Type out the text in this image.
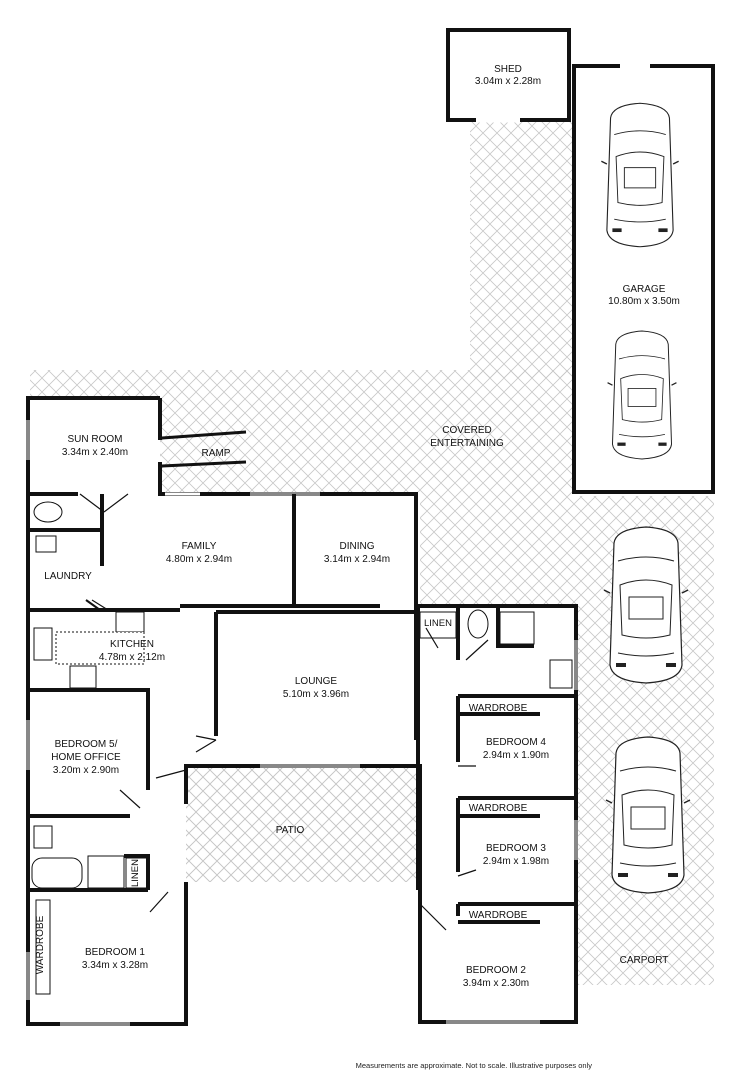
SHED
3.04m x 2.28m
GARAGE
10.80m x 3.50m
SUN ROOM
3.34m x 2.40m	RAMP
COVERED
ENTERTAINING
FAMILY
4.80m x 2.94m
DINING
3.14m x 2.94m
LAUNDRY
KITCHEN
4.78m x 2.12m
LOUNGE
5.10m x 3.96m
LINEN
BEDROOM 5/
HOME OFFICE
3.20m x 2.90m
WARDROBE
BEDROOM 4
2.94m x 1.90m
WARDROBE
BEDROOM 3
2.94m x 1.98m
PATIO
LINEN
WARDROBE
WARDROBE	BEDROOM 1
3.34m x 3.28m	BEDROOM 2
3.94m x 2.30m
CARPORT
Measurements are approximate. Not to scale. Illustrative purposes only
